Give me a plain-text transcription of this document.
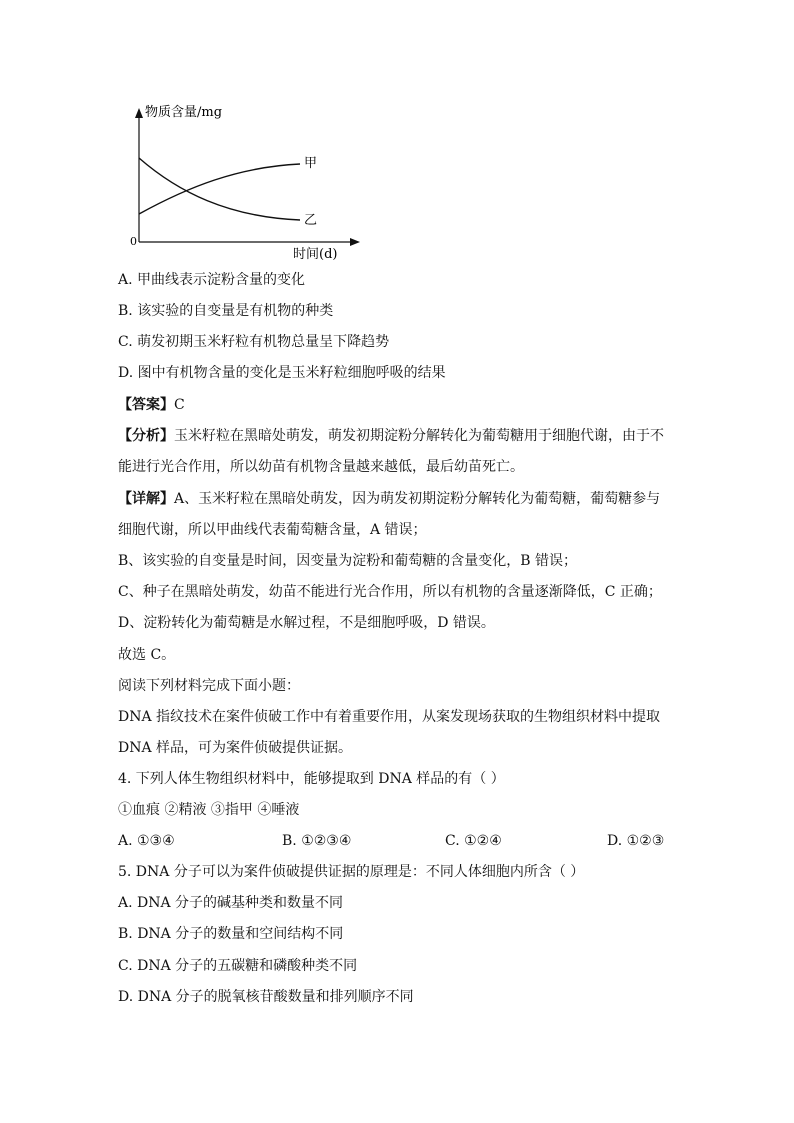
物质含量/mg
0
时间(d)
甲
乙
A. 甲曲线表示淀粉含量的变化
B. 该实验的自变量是有机物的种类
C. 萌发初期玉米籽粒有机物总量呈下降趋势
D. 图中有机物含量的变化是玉米籽粒细胞呼吸的结果
【答案】C
【分析】玉米籽粒在黑暗处萌发，萌发初期淀粉分解转化为葡萄糖用于细胞代谢，由于不
能进行光合作用，所以幼苗有机物含量越来越低，最后幼苗死亡。
【详解】A、玉米籽粒在黑暗处萌发，因为萌发初期淀粉分解转化为葡萄糖，葡萄糖参与
细胞代谢，所以甲曲线代表葡萄糖含量，A 错误；
B、该实验的自变量是时间，因变量为淀粉和葡萄糖的含量变化，B 错误；
C、种子在黑暗处萌发，幼苗不能进行光合作用，所以有机物的含量逐渐降低，C 正确；
D、淀粉转化为葡萄糖是水解过程，不是细胞呼吸，D 错误。
故选 C。
阅读下列材料完成下面小题：
DNA 指纹技术在案件侦破工作中有着重要作用，从案发现场获取的生物组织材料中提取
DNA 样品，可为案件侦破提供证据。
4. 下列人体生物组织材料中，能够提取到 DNA 样品的有（ ）
①血痕 ②精液 ③指甲 ④唾液
A. ①③④	B. ①②③④	C. ①②④	D. ①②③
5. DNA 分子可以为案件侦破提供证据的原理是：不同人体细胞内所含（ ）
A. DNA 分子的碱基种类和数量不同
B. DNA 分子的数量和空间结构不同
C. DNA 分子的五碳糖和磷酸种类不同
D. DNA 分子的脱氧核苷酸数量和排列顺序不同
